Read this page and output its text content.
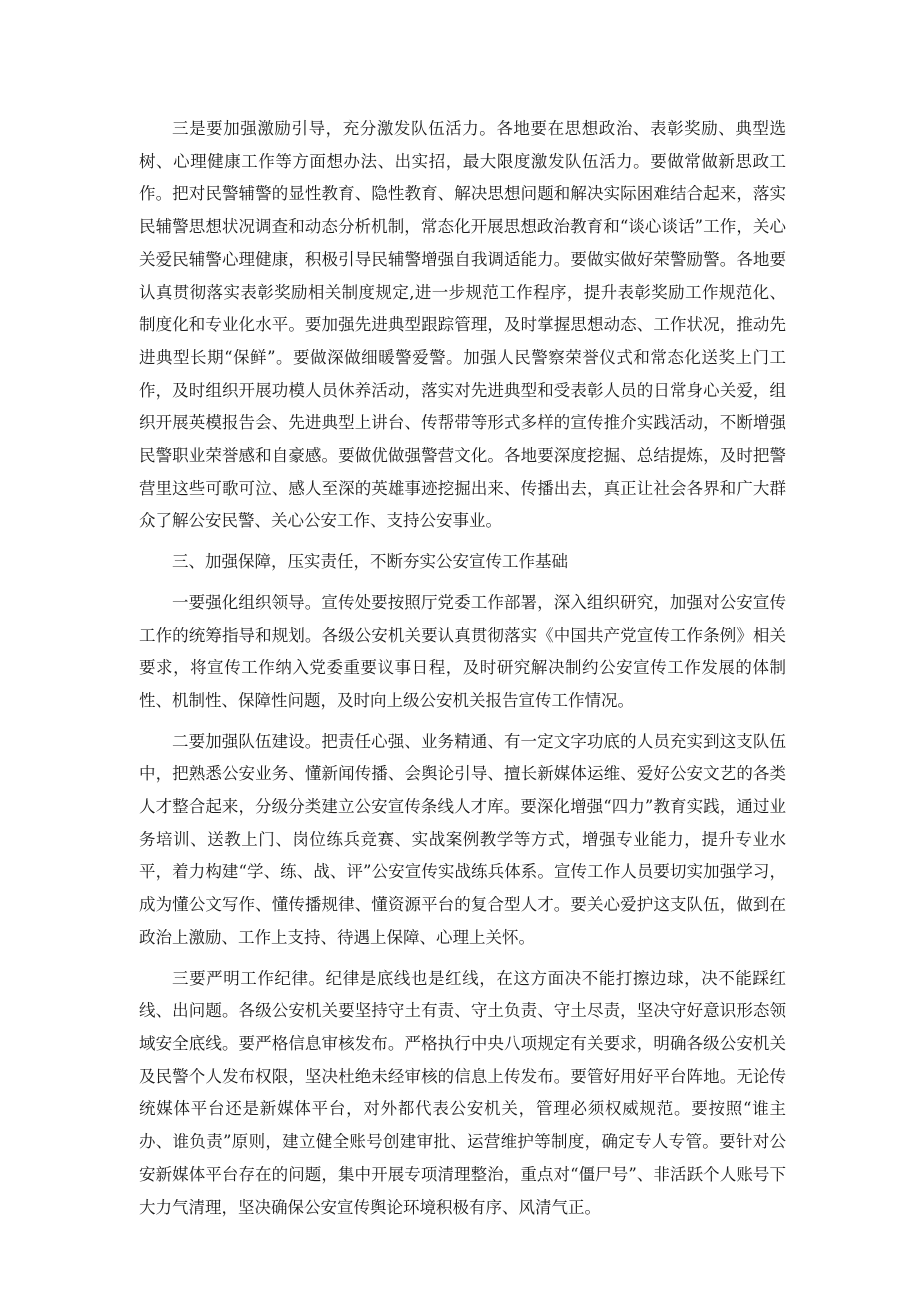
三是要加强激励引导，充分激发队伍活力。各地要在思想政治、表彰奖励、典型选树、心理健康工作等方面想办法、出实招，最大限度激发队伍活力。要做常做新思政工作。把对民警辅警的显性教育、隐性教育、解决思想问题和解决实际困难结合起来，落实民辅警思想状况调查和动态分析机制，常态化开展思想政治教育和“谈心谈话”工作，关心关爱民辅警心理健康，积极引导民辅警增强自我调适能力。要做实做好荣警励警。各地要认真贯彻落实表彰奖励相关制度规定,进一步规范工作程序，提升表彰奖励工作规范化、制度化和专业化水平。要加强先进典型跟踪管理，及时掌握思想动态、工作状况，推动先进典型长期“保鲜”。要做深做细暖警爱警。加强人民警察荣誉仪式和常态化送奖上门工作，及时组织开展功模人员休养活动，落实对先进典型和受表彰人员的日常身心关爱，组织开展英模报告会、先进典型上讲台、传帮带等形式多样的宣传推介实践活动，不断增强民警职业荣誉感和自豪感。要做优做强警营文化。各地要深度挖掘、总结提炼，及时把警营里这些可歌可泣、感人至深的英雄事迹挖掘出来、传播出去，真正让社会各界和广大群众了解公安民警、关心公安工作、支持公安事业。

三、加强保障，压实责任，不断夯实公安宣传工作基础

一要强化组织领导。宣传处要按照厅党委工作部署，深入组织研究，加强对公安宣传工作的统筹指导和规划。各级公安机关要认真贯彻落实《中国共产党宣传工作条例》相关要求，将宣传工作纳入党委重要议事日程，及时研究解决制约公安宣传工作发展的体制性、机制性、保障性问题，及时向上级公安机关报告宣传工作情况。

二要加强队伍建设。把责任心强、业务精通、有一定文字功底的人员充实到这支队伍中，把熟悉公安业务、懂新闻传播、会舆论引导、擅长新媒体运维、爱好公安文艺的各类人才整合起来，分级分类建立公安宣传条线人才库。要深化增强“四力”教育实践，通过业务培训、送教上门、岗位练兵竞赛、实战案例教学等方式，增强专业能力，提升专业水平，着力构建“学、练、战、评”公安宣传实战练兵体系。宣传工作人员要切实加强学习，成为懂公文写作、懂传播规律、懂资源平台的复合型人才。要关心爱护这支队伍，做到在政治上激励、工作上支持、待遇上保障、心理上关怀。

三要严明工作纪律。纪律是底线也是红线，在这方面决不能打擦边球，决不能踩红线、出问题。各级公安机关要坚持守土有责、守土负责、守土尽责，坚决守好意识形态领域安全底线。要严格信息审核发布。严格执行中央八项规定有关要求，明确各级公安机关及民警个人发布权限，坚决杜绝未经审核的信息上传发布。要管好用好平台阵地。无论传统媒体平台还是新媒体平台，对外都代表公安机关，管理必须权威规范。要按照“谁主办、谁负责”原则，建立健全账号创建审批、运营维护等制度，确定专人专管。要针对公安新媒体平台存在的问题，集中开展专项清理整治，重点对“僵尸号”、非活跃个人账号下大力气清理，坚决确保公安宣传舆论环境积极有序、风清气正。
